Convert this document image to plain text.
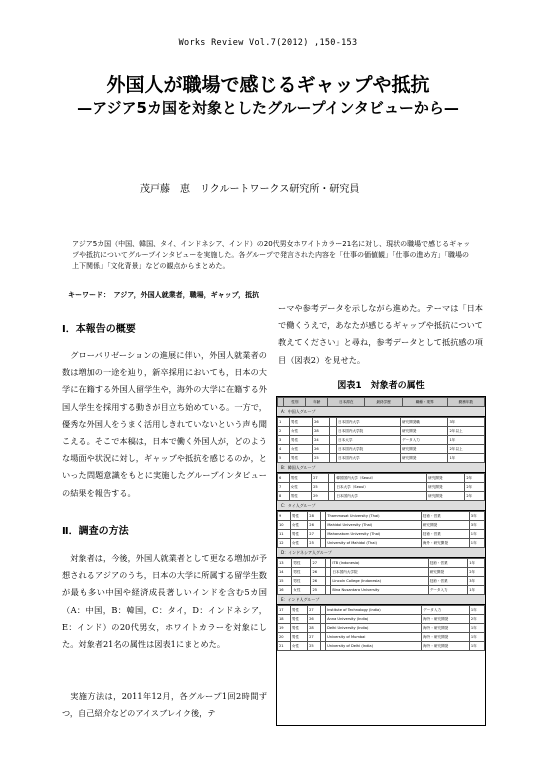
Works Review Vol.7(2012) ,150-153
外国人が職場で感じるギャップや抵抗
—アジア5カ国を対象としたグループインタビューから—
茂戸藤　恵　リクルートワークス研究所・研究員
アジア5カ国（中国、韓国、タイ、インドネシア、インド）の20代男女ホワイトカラー21名に対し、現状の職場で感じるギャップや抵抗についてグループインタビューを実施した。各グループで発言された内容を「仕事の価値観」「仕事の進め方」「職場の上下関係」「文化背景」などの観点からまとめた。
キーワード：　アジア，外国人就業者，職場，ギャップ，抵抗
Ⅰ．本報告の概要
グローバリゼーションの進展に伴い，外国人就業者の数は増加の一途を辿り，新卒採用においても，日本の大学に在籍する外国人留学生や，海外の大学に在籍する外国人学生を採用する動きが目立ち始めている。一方で，優秀な外国人をうまく活用しきれていないという声も聞こえる。そこで本稿は，日本で働く外国人が，どのような場面や状況に対し，ギャップや抵抗を感じるのか，といった問題意識をもとに実施したグループインタビューの結果を報告する。
Ⅱ．調査の方法
対象者は，今後，外国人就業者として更なる増加が予想されるアジアのうち，日本の大学に所属する留学生数が最も多い中国や経済成長著しいインドを含む5カ国（A：中国，B：韓国，C：タイ，D：インドネシア，E：インド）の20代男女，ホワイトカラーを対象にした。対象者21名の属性は図表1にまとめた。
実施方法は，2011年12月，各グループ1回2時間ずつ，自己紹介などのアイスブレイク後，テ
ーマや参考データを示しながら進めた。テーマは「日本で働くうえで，あなたが感じるギャップや抵抗について教えてください」と尋ね，参考データとして抵抗感の項目（図表2）を見せた。
図表1　対象者の属性
	性別	年齢	日本滞在	最終学歴	職種・業界	勤務年数
A：中国人グループ
1	男性	26		日本国内大学	研究開発職	3年
2	女性	28		日本国内大学院	研究開発	2年以上
3	男性	24		日本大学	データ入力	1年
4	女性	26		日本国内大学院	研究開発	2年以上
5	男性	25		日本国内大学	研究開発	1年
B：韓国人グループ
6	男性	27		韓国国内大学（Seoul）	研究開発	2年
7	女性	25		日本大学（Seoul）	研究開発	2年
8	男性	29		日本国内大学	研究開発	2年
C：タイ人グループ
9	男性	28		Thammasat University (Thai)	技術・営業	3年
10	女性	26		Mahidol University (Thai)	研究開発	3年
11	男性	27		Mahanakorn University (Thai)	技術・営業	1年
12	女性	25		University of Mahidol (Thai)	海外・研究開発	1年
D：インドネシア人グループ
13	男性	27		ITB (Indonesia)	技術・営業	1年
14	男性	26		日本国内大学院	研究開発	2年
15	男性	26		Lincoln College (Indonesia)	技術・営業	3年
16	女性	25		Bina Nusantara University	データ入力	1年
E：インド人グループ
17	男性	27		Institute of Technology (India)	データ入力	1年
18	男性	26		Anna University (India)	海外・研究開発	2年
19	男性	28		Delhi University (India)	海外・研究開発	1年
20	男性	27		University of Mumbai	海外・研究開発	1年
21	女性	25		University of Delhi (India)	海外・研究開発	1年
